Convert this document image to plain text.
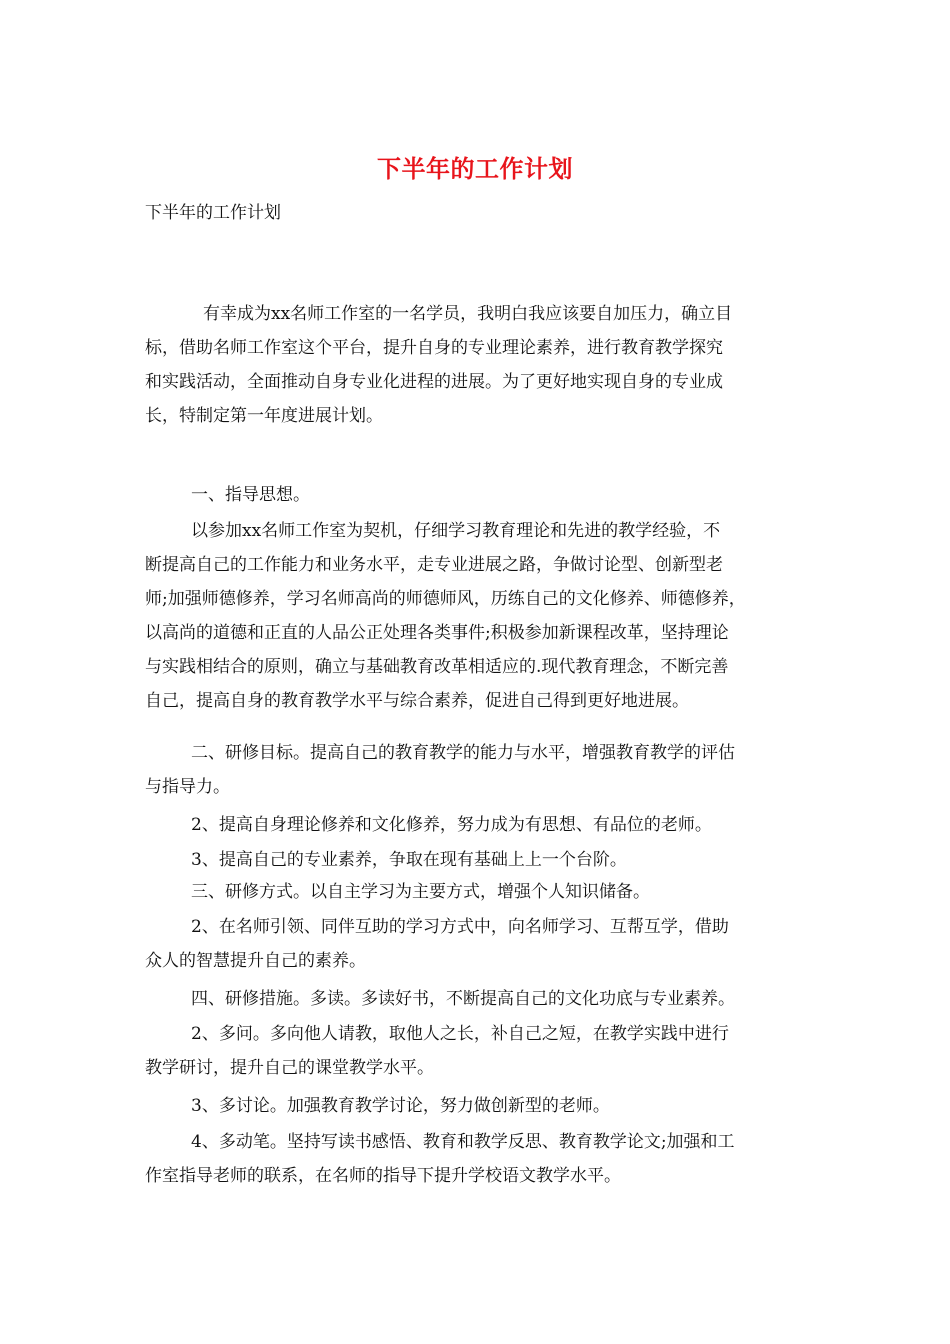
下半年的工作计划
下半年的工作计划

有幸成为xx名师工作室的一名学员，我明白我应该要自加压力，确立目
标，借助名师工作室这个平台，提升自身的专业理论素养，进行教育教学探究
和实践活动，全面推动自身专业化进程的进展。为了更好地实现自身的专业成
长，特制定第一年度进展计划。

一、指导思想。

以参加xx名师工作室为契机，仔细学习教育理论和先进的教学经验，不
断提高自己的工作能力和业务水平，走专业进展之路，争做讨论型、创新型老
师;加强师德修养，学习名师高尚的师德师风，历练自己的文化修养、师德修养，
以高尚的道德和正直的人品公正处理各类事件;积极参加新课程改革，坚持理论
与实践相结合的原则，确立与基础教育改革相适应的.现代教育理念，不断完善
自己，提高自身的教育教学水平与综合素养，促进自己得到更好地进展。

二、研修目标。提高自己的教育教学的能力与水平，增强教育教学的评估
与指导力。

2、提高自身理论修养和文化修养，努力成为有思想、有品位的老师。

3、提高自己的专业素养，争取在现有基础上上一个台阶。

三、研修方式。以自主学习为主要方式，增强个人知识储备。

2、在名师引领、同伴互助的学习方式中，向名师学习、互帮互学，借助
众人的智慧提升自己的素养。

四、研修措施。多读。多读好书，不断提高自己的文化功底与专业素养。

2、多问。多向他人请教，取他人之长，补自己之短，在教学实践中进行
教学研讨，提升自己的课堂教学水平。

3、多讨论。加强教育教学讨论，努力做创新型的老师。

4、多动笔。坚持写读书感悟、教育和教学反思、教育教学论文;加强和工
作室指导老师的联系，在名师的指导下提升学校语文教学水平。
